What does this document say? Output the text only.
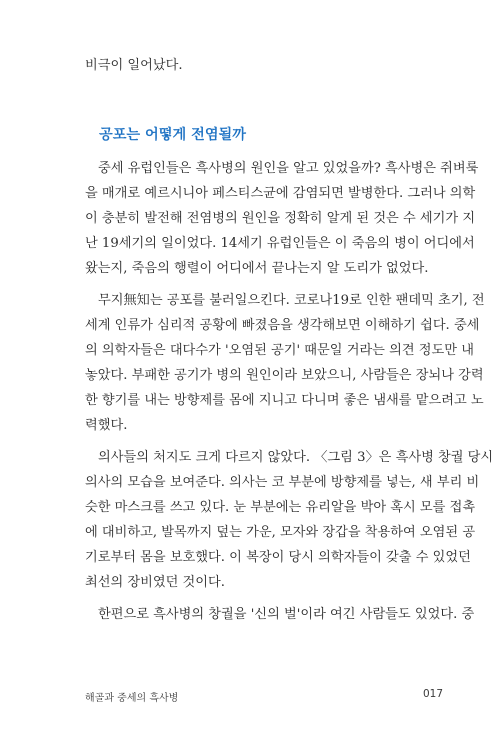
비극이 일어났다.
공포는 어떻게 전염될까
중세 유럽인들은 흑사병의 원인을 알고 있었을까? 흑사병은 쥐벼룩
을 매개로 예르시니아 페스티스균에 감염되면 발병한다. 그러나 의학
이 충분히 발전해 전염병의 원인을 정확히 알게 된 것은 수 세기가 지
난 19세기의 일이었다. 14세기 유럽인들은 이 죽음의 병이 어디에서
왔는지, 죽음의 행렬이 어디에서 끝나는지 알 도리가 없었다.
무지無知는 공포를 불러일으킨다. 코로나19로 인한 팬데믹 초기, 전
세계 인류가 심리적 공황에 빠졌음을 생각해보면 이해하기 쉽다. 중세
의 의학자들은 대다수가 '오염된 공기' 때문일 거라는 의견 정도만 내
놓았다. 부패한 공기가 병의 원인이라 보았으니, 사람들은 장뇌나 강력
한 향기를 내는 방향제를 몸에 지니고 다니며 좋은 냄새를 맡으려고 노
력했다.
의사들의 처지도 크게 다르지 않았다. 〈그림 3〉은 흑사병 창궐 당시
의사의 모습을 보여준다. 의사는 코 부분에 방향제를 넣는, 새 부리 비
슷한 마스크를 쓰고 있다. 눈 부분에는 유리알을 박아 혹시 모를 접촉
에 대비하고, 발목까지 덮는 가운, 모자와 장갑을 착용하여 오염된 공
기로부터 몸을 보호했다. 이 복장이 당시 의학자들이 갖출 수 있었던
최선의 장비였던 것이다.
한편으로 흑사병의 창궐을 '신의 벌'이라 여긴 사람들도 있었다. 중
해골과 중세의 흑사병	017
